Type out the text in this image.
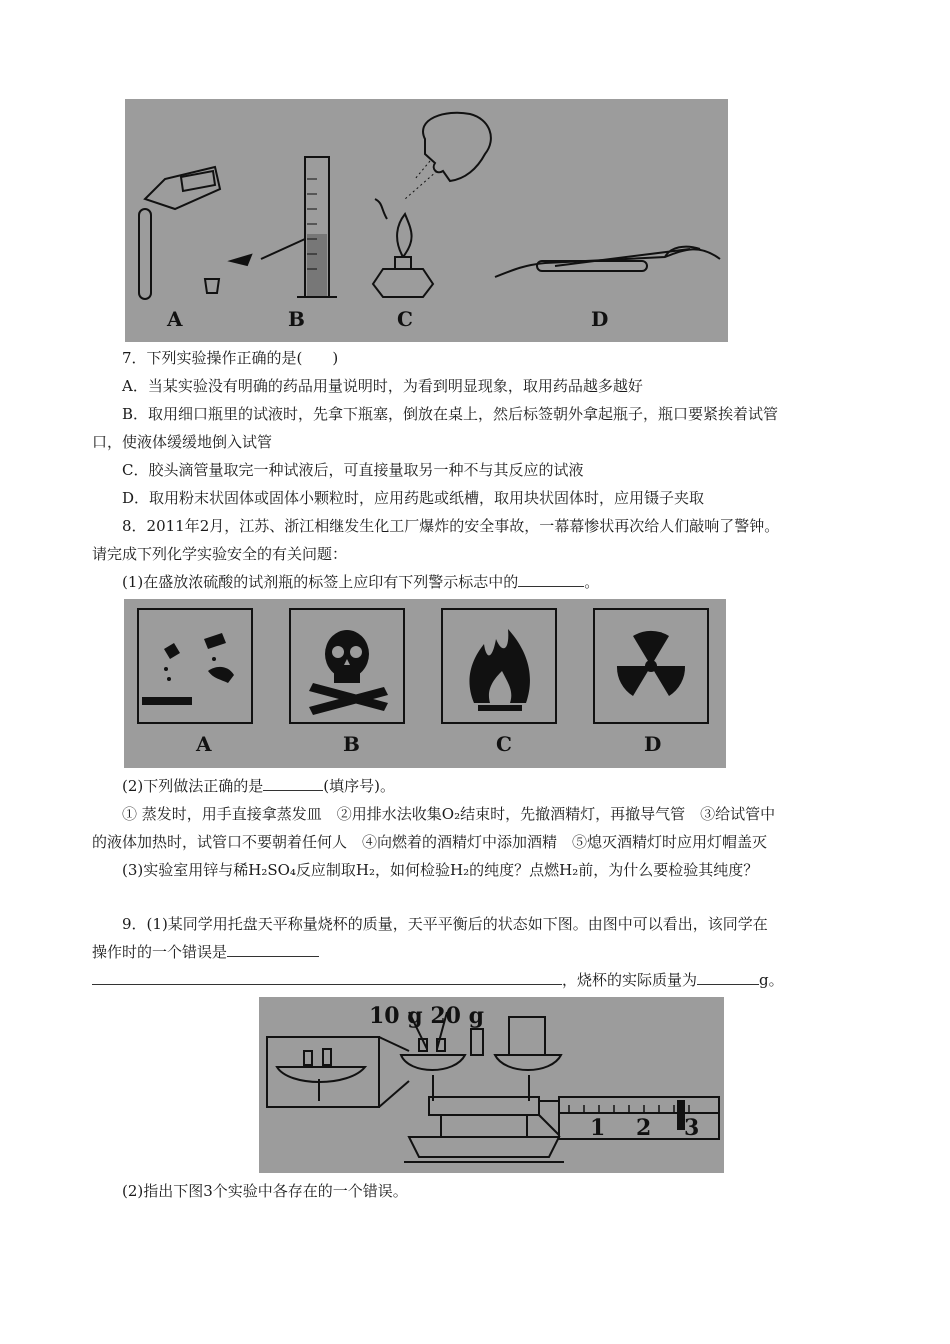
A	B	C	D
7．下列实验操作正确的是(　　)
A．当某实验没有明确的药品用量说明时，为看到明显现象，取用药品越多越好
B．取用细口瓶里的试液时，先拿下瓶塞，倒放在桌上，然后标签朝外拿起瓶子，瓶口要紧挨着试管
口，使液体缓缓地倒入试管
C．胶头滴管量取完一种试液后，可直接量取另一种不与其反应的试液
D．取用粉末状固体或固体小颗粒时，应用药匙或纸槽，取用块状固体时，应用镊子夹取
8．2011年2月，江苏、浙江相继发生化工厂爆炸的安全事故，一幕幕惨状再次给人们敲响了警钟。
请完成下列化学实验安全的有关问题：
(1)在盛放浓硫酸的试剂瓶的标签上应印有下列警示标志中的	。
A	B	C	D
(2)下列做法正确的是	(填序号)。
① 蒸发时，用手直接拿蒸发皿　②用排水法收集O₂结束时，先撤酒精灯，再撤导气管　③给试管中
的液体加热时，试管口不要朝着任何人　④向燃着的酒精灯中添加酒精　⑤熄灭酒精灯时应用灯帽盖灭
(3)实验室用锌与稀H₂SO₄反应制取H₂，如何检验H₂的纯度？点燃H₂前，为什么要检验其纯度？
9．(1)某同学用托盘天平称量烧杯的质量，天平平衡后的状态如下图。由图中可以看出，该同学在
操作时的一个错误是
，烧杯的实际质量为	g。
10 g 20 g
1 2 3
(2)指出下图3个实验中各存在的一个错误。
